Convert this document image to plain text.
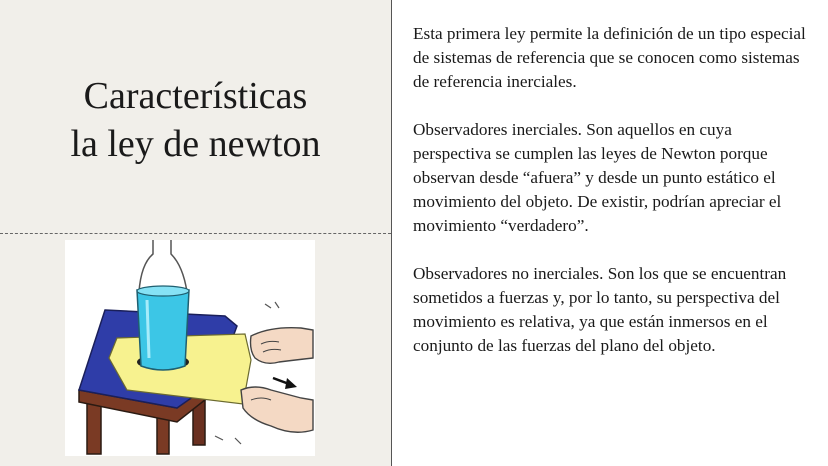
Características
la ley de newton

Esta primera ley permite la definición de un tipo especial de sistemas de referencia que se conocen como sistemas de referencia inerciales.

Observadores inerciales. Son aquellos en cuya perspectiva se cumplen las leyes de Newton porque observan desde “afuera” y desde un punto estático el movimiento del objeto. De existir, podrían apreciar el movimiento “verdadero”.

Observadores no inerciales. Son los que se encuentran sometidos a fuerzas y, por lo tanto, su perspectiva del movimiento es relativa, ya que están inmersos en el conjunto de las fuerzas del plano del objeto.
